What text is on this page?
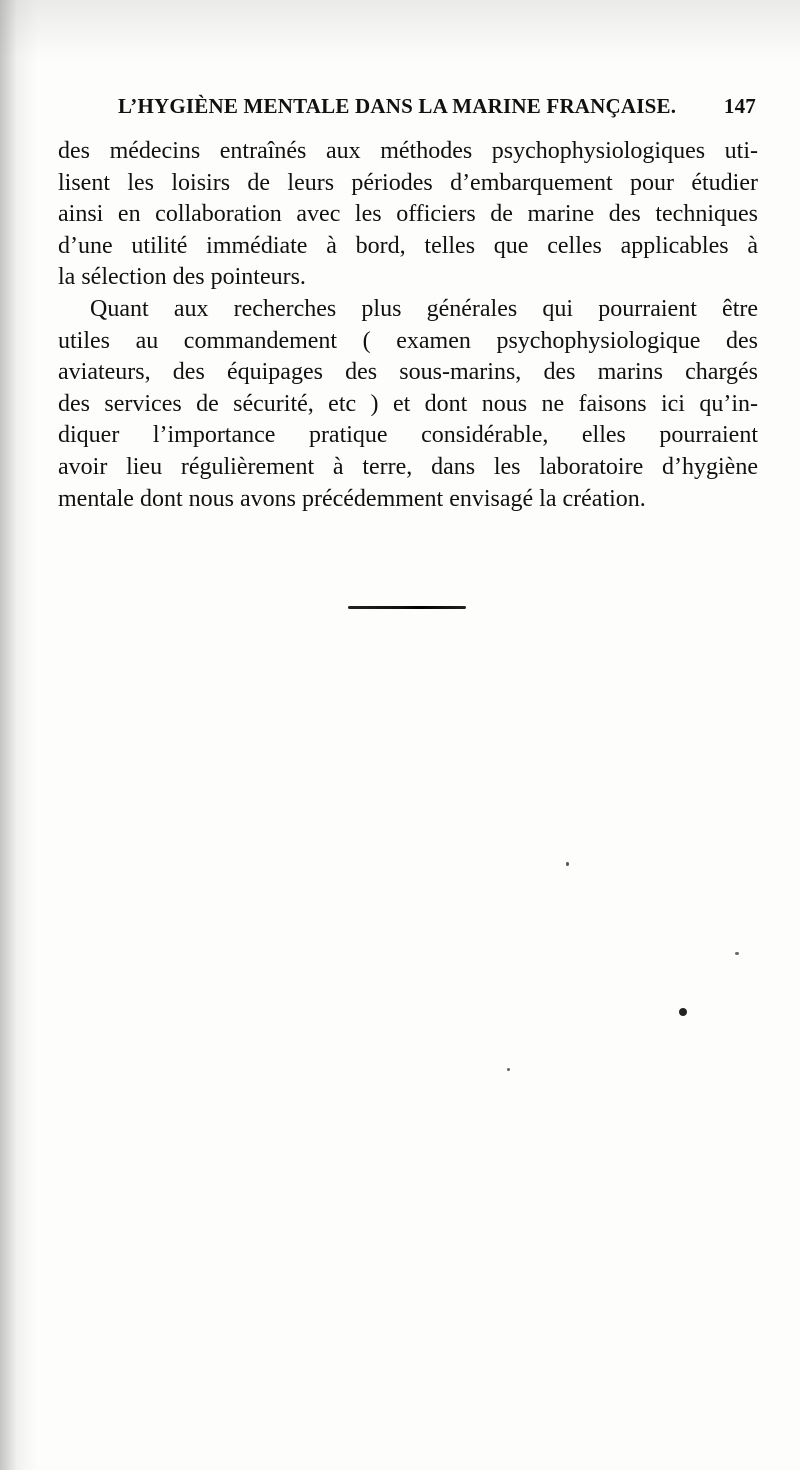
L’HYGIÈNE MENTALE DANS LA MARINE FRANÇAISE. 147

des médecins entraînés aux méthodes psychophysiologiques uti-
lisent les loisirs de leurs périodes d’embarquement pour étudier
ainsi en collaboration avec les officiers de marine des techniques
d’une utilité immédiate à bord, telles que celles applicables à
la sélection des pointeurs.

Quant aux recherches plus générales qui pourraient être
utiles au commandement ( examen psychophysiologique des
aviateurs, des équipages des sous-marins, des marins chargés
des services de sécurité, etc ) et dont nous ne faisons ici qu’in-
diquer l’importance pratique considérable, elles pourraient
avoir lieu régulièrement à terre, dans les laboratoire d’hygiène
mentale dont nous avons précédemment envisagé la création.
